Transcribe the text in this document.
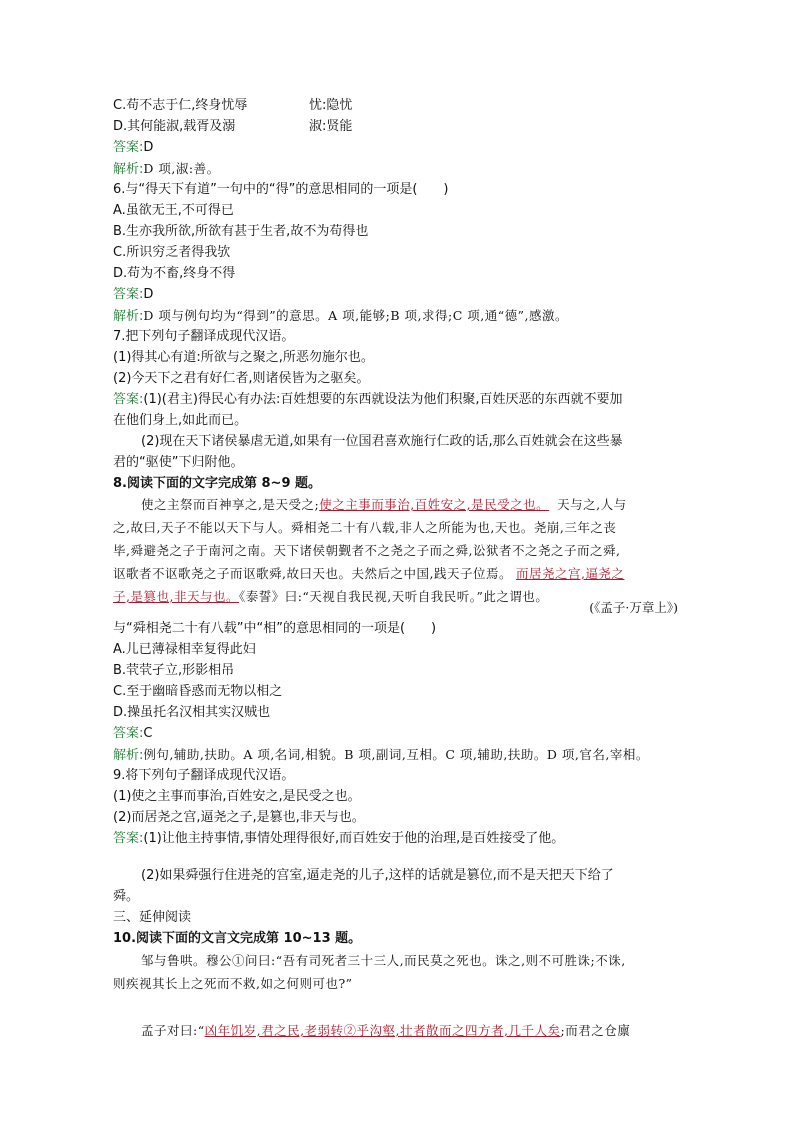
C.苟不志于仁,终身忧辱	忧:隐忧
D.其何能淑,载胥及溺	淑:贤能
答案:D
解析:D 项,淑:善。
6.与“得天下有道”一句中的“得”的意思相同的一项是(　　)
A.虽欲无王,不可得已
B.生亦我所欲,所欲有甚于生者,故不为苟得也
C.所识穷乏者得我欤
D.苟为不畜,终身不得
答案:D
解析:D 项与例句均为“得到”的意思。A 项,能够;B 项,求得;C 项,通“德”,感激。
7.把下列句子翻译成现代汉语。
(1)得其心有道:所欲与之聚之,所恶勿施尔也。
(2)今天下之君有好仁者,则诸侯皆为之驱矣。
答案:(1)(君主)得民心有办法:百姓想要的东西就设法为他们积聚,百姓厌恶的东西就不要加
在他们身上,如此而已。
(2)现在天下诸侯暴虐无道,如果有一位国君喜欢施行仁政的话,那么百姓就会在这些暴
君的“驱使”下归附他。
8.阅读下面的文字完成第 8~9 题。
使之主祭而百神享之,是天受之;使之主事而事治,百姓安之,是民受之也。 天与之,人与
之,故曰,天子不能以天下与人。舜相尧二十有八载,非人之所能为也,天也。尧崩,三年之丧
毕,舜避尧之子于南河之南。天下诸侯朝觐者不之尧之子而之舜,讼狱者不之尧之子而之舜,
讴歌者不讴歌尧之子而讴歌舜,故曰天也。夫然后之中国,践天子位焉。 而居尧之宫,逼尧之
子,是篡也,非天与也。《泰誓》曰:“天视自我民视,天听自我民听。”此之谓也。
(《孟子·万章上》)
与“舜相尧二十有八载”中“相”的意思相同的一项是(　　)
A.儿已薄禄相幸复得此妇
B.茕茕孑立,形影相吊
C.至于幽暗昏惑而无物以相之
D.操虽托名汉相其实汉贼也
答案:C
解析:例句,辅助,扶助。A 项,名词,相貌。B 项,副词,互相。C 项,辅助,扶助。D 项,官名,宰相。
9.将下列句子翻译成现代汉语。
(1)使之主事而事治,百姓安之,是民受之也。
(2)而居尧之宫,逼尧之子,是篡也,非天与也。
答案:(1)让他主持事情,事情处理得很好,而百姓安于他的治理,是百姓接受了他。
(2)如果舜强行住进尧的宫室,逼走尧的儿子,这样的话就是篡位,而不是天把天下给了
舜。
三、延伸阅读
10.阅读下面的文言文完成第 10~13 题。
邹与鲁哄。穆公①问曰:“吾有司死者三十三人,而民莫之死也。诛之,则不可胜诛;不诛,
则疾视其长上之死而不救,如之何则可也?”
孟子对曰:“凶年饥岁,君之民,老弱转②乎沟壑,壮者散而之四方者,几千人矣;而君之仓廪
